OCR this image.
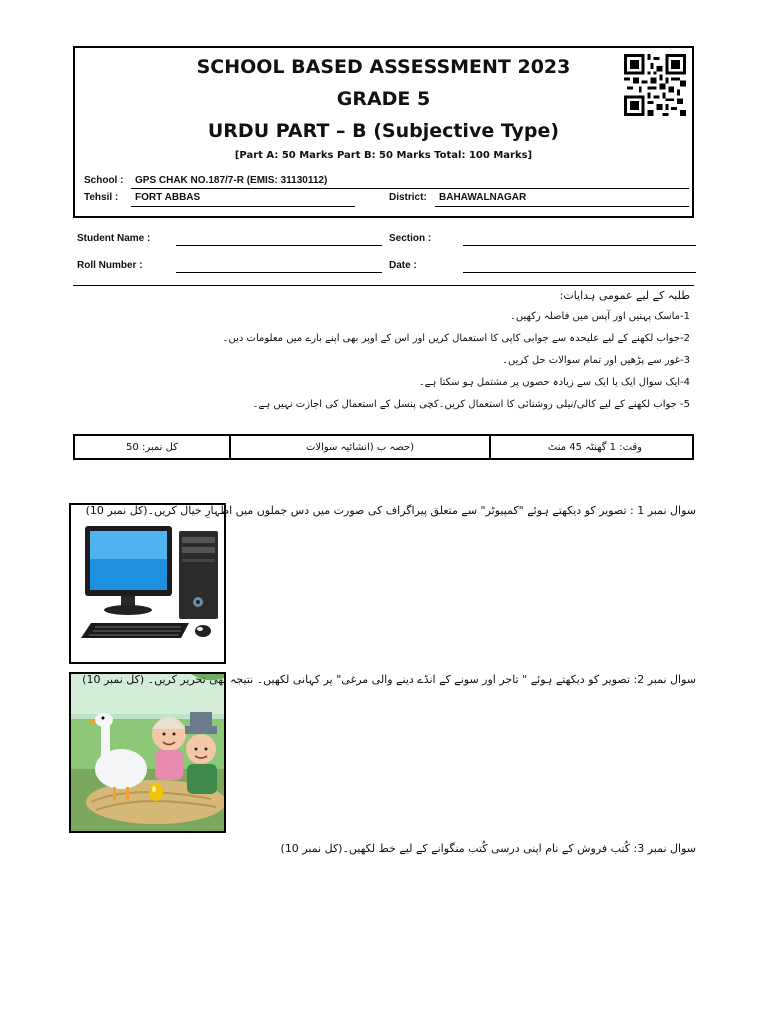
SCHOOL BASED ASSESSMENT 2023
GRADE 5
URDU PART – B (Subjective Type)
[Part A: 50 Marks Part B: 50 Marks Total: 100 Marks]
School : GPS CHAK NO.187/7-R (EMIS: 31130112)
Tehsil : FORT ABBAS	District: BAHAWALNAGAR
Student Name :	Section :
Roll Number :	Date :
طلبہ کے لیے عمومی ہدایات:
1-ماسک پہنیں اور آپس میں فاصلہ رکھیں۔
2-جواب لکھنے کے لیے علیحدہ سے جوابی کاپی کا استعمال کریں اور اس کے اوپر بھی اپنے بارے میں معلومات دیں۔
3-غور سے پڑھیں اور تمام سوالات حل کریں۔
4-ایک سوال ایک یا ایک سے زیادہ حصوں پر مشتمل ہو سکتا ہے۔
5- جواب لکھنے کے لیے کالی/نیلی روشنائی کا استعمال کریں۔کچی پنسل کے استعمال کی اجازت نہیں ہے۔
کل نمبر: 50	(حصہ ب (انشائیہ سوالات	وقت: 1 گھنٹہ 45 منٹ
سوال نمبر 1 : تصویر کو دیکھتے ہوئے "کمپیوٹر" سے متعلق پیراگراف کی صورت میں دس جملوں میں اظہارِ خیال کریں۔(کل نمبر 10)
سوال نمبر 2: تصویر کو دیکھتے ہوئے " تاجر اور سونے کے انڈے دینے والی مرغی" پر کہانی لکھیں۔ نتیجہ بھی تحریر کریں۔ (کل نمبر 10)
سوال نمبر 3: کُتب فروش کے نام اپنی درسی کُتب منگوانے کے لیے خط لکھیں۔(کل نمبر 10)
